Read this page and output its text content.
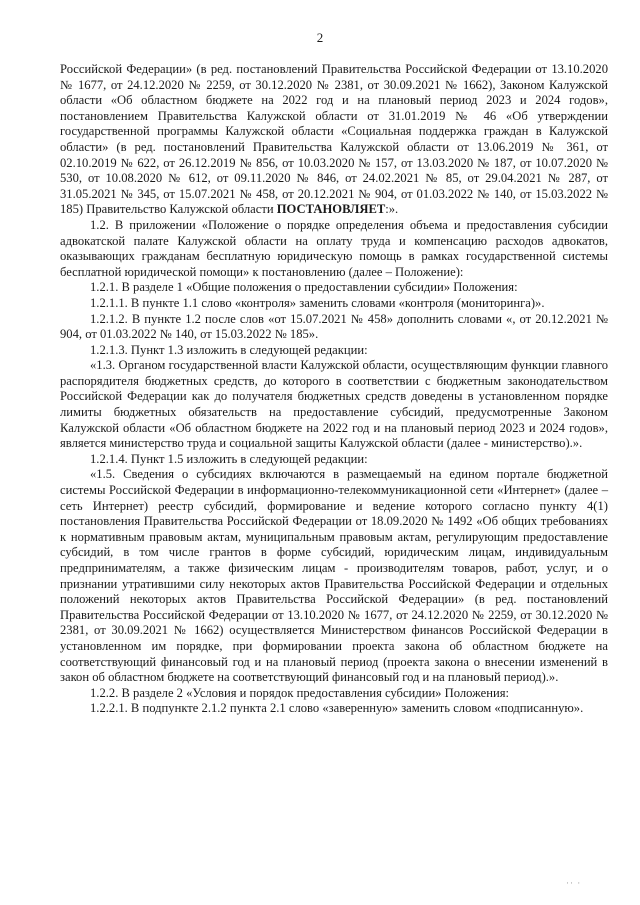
2

Российской Федерации» (в ред. постановлений Правительства Российской Федерации от 13.10.2020 № 1677, от 24.12.2020 № 2259, от 30.12.2020 № 2381, от 30.09.2021 № 1662), Законом Калужской области «Об областном бюджете на 2022 год и на плановый период 2023 и 2024 годов», постановлением Правительства Калужской области от 31.01.2019 № 46 «Об утверждении государственной программы Калужской области «Социальная поддержка граждан в Калужской области» (в ред. постановлений Правительства Калужской области от 13.06.2019 № 361, от 02.10.2019 № 622, от 26.12.2019 № 856, от 10.03.2020 № 157, от 13.03.2020 № 187, от 10.07.2020 № 530, от 10.08.2020 № 612, от 09.11.2020 № 846, от 24.02.2021 № 85, от 29.04.2021 № 287, от 31.05.2021 № 345, от 15.07.2021 № 458, от 20.12.2021 № 904, от 01.03.2022 № 140, от 15.03.2022 № 185) Правительство Калужской области ПОСТАНОВЛЯЕТ:».

1.2. В приложении «Положение о порядке определения объема и предоставления субсидии адвокатской палате Калужской области на оплату труда и компенсацию расходов адвокатов, оказывающих гражданам бесплатную юридическую помощь в рамках государственной системы бесплатной юридической помощи» к постановлению (далее – Положение):

1.2.1. В разделе 1 «Общие положения о предоставлении субсидии» Положения:

1.2.1.1. В пункте 1.1 слово «контроля» заменить словами «контроля (мониторинга)».

1.2.1.2. В пункте 1.2 после слов «от 15.07.2021 № 458» дополнить словами «, от 20.12.2021 № 904, от 01.03.2022 № 140, от 15.03.2022 № 185».

1.2.1.3. Пункт 1.3 изложить в следующей редакции:

«1.3. Органом государственной власти Калужской области, осуществляющим функции главного распорядителя бюджетных средств, до которого в соответствии с бюджетным законодательством Российской Федерации как до получателя бюджетных средств доведены в установленном порядке лимиты бюджетных обязательств на предоставление субсидий, предусмотренные Законом Калужской области «Об областном бюджете на 2022 год и на плановый период 2023 и 2024 годов», является министерство труда и социальной защиты Калужской области (далее - министерство).».

1.2.1.4. Пункт 1.5 изложить в следующей редакции:

«1.5. Сведения о субсидиях включаются в размещаемый на едином портале бюджетной системы Российской Федерации в информационно-телекоммуникационной сети «Интернет» (далее – сеть Интернет) реестр субсидий, формирование и ведение которого согласно пункту 4(1) постановления Правительства Российской Федерации от 18.09.2020 № 1492 «Об общих требованиях к нормативным правовым актам, муниципальным правовым актам, регулирующим предоставление субсидий, в том числе грантов в форме субсидий, юридическим лицам, индивидуальным предпринимателям, а также физическим лицам - производителям товаров, работ, услуг, и о признании утратившими силу некоторых актов Правительства Российской Федерации и отдельных положений некоторых актов Правительства Российской Федерации» (в ред. постановлений Правительства Российской Федерации от 13.10.2020 № 1677, от 24.12.2020 № 2259, от 30.12.2020 № 2381, от 30.09.2021 № 1662) осуществляется Министерством финансов Российской Федерации в установленном им порядке, при формировании проекта закона об областном бюджете на соответствующий финансовый год и на плановый период (проекта закона о внесении изменений в закон об областном бюджете на соответствующий финансовый год и на плановый период).».

1.2.2. В разделе 2 «Условия и порядок предоставления субсидии» Положения:

1.2.2.1. В подпункте 2.1.2 пункта 2.1 слово «заверенную» заменить словом «подписанную».

·· ·
